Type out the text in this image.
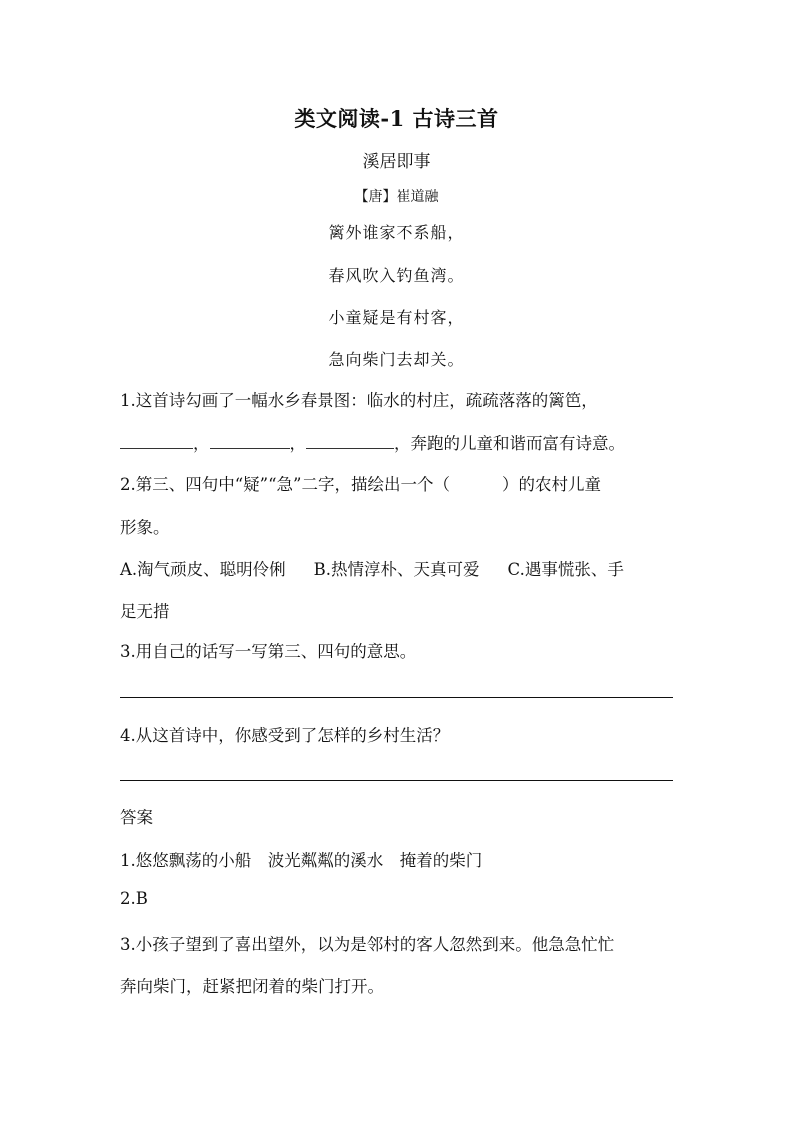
类文阅读-1 古诗三首
溪居即事
【唐】崔道融
篱外谁家不系船，
春风吹入钓鱼湾。
小童疑是有村客，
急向柴门去却关。
1.这首诗勾画了一幅水乡春景图：临水的村庄，疏疏落落的篱笆，
，	，	，奔跑的儿童和谐而富有诗意。
2.第三、四句中“疑”“急”二字，描绘出一个（	）的农村儿童
形象。
A.淘气顽皮、聪明伶俐 B.热情淳朴、天真可爱 C.遇事慌张、手
足无措
3.用自己的话写一写第三、四句的意思。
4.从这首诗中，你感受到了怎样的乡村生活？
答案
1.悠悠飘荡的小船　波光粼粼的溪水　掩着的柴门
2.B
3.小孩子望到了喜出望外，以为是邻村的客人忽然到来。他急急忙忙
奔向柴门，赶紧把闭着的柴门打开。
